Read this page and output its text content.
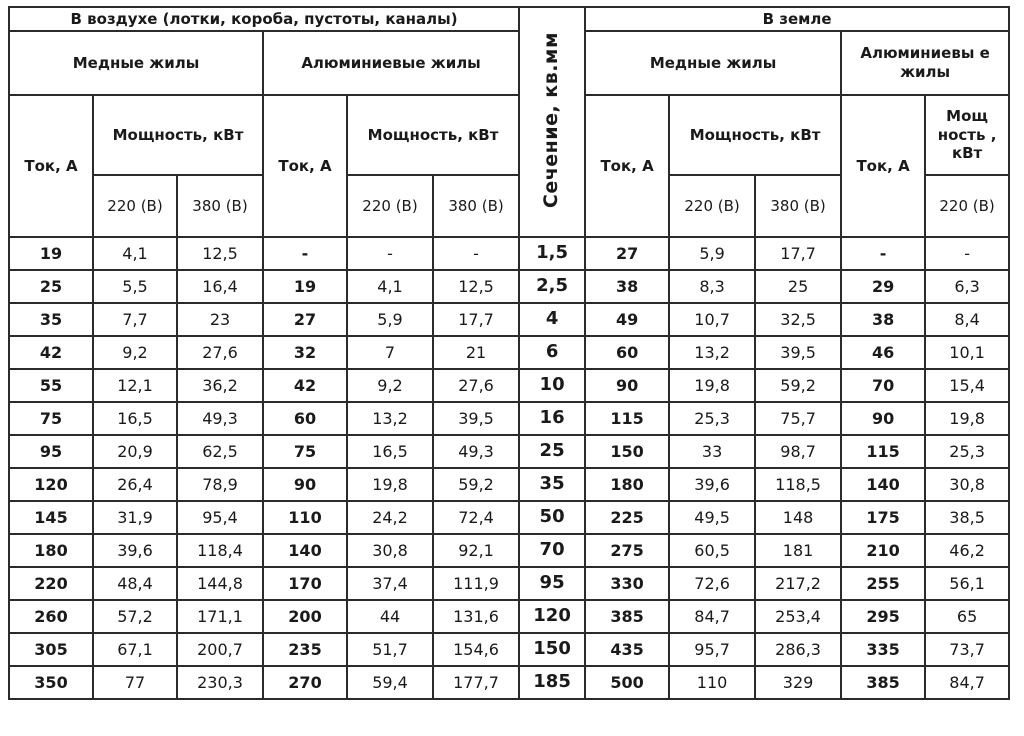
В воздухе (лотки, короба, пустоты, каналы)						Сечение, кв.мм	В земле				
Медные жилы			Алюминиевые жилы				Медные жилы			Алюминиевы е жилы	
Ток, А	Мощность, кВт		Ток, А	Мощность, кВт			Ток, А	Мощность, кВт		Ток, А	Мощ ность , кВт
	220 (В)	380 (В)		220 (В)	380 (В)			220 (В)	380 (В)		220 (В)
19	4,1	12,5	-	-	-	1,5	27	5,9	17,7	-	-
25	5,5	16,4	19	4,1	12,5	2,5	38	8,3	25	29	6,3
35	7,7	23	27	5,9	17,7	4	49	10,7	32,5	38	8,4
42	9,2	27,6	32	7	21	6	60	13,2	39,5	46	10,1
55	12,1	36,2	42	9,2	27,6	10	90	19,8	59,2	70	15,4
75	16,5	49,3	60	13,2	39,5	16	115	25,3	75,7	90	19,8
95	20,9	62,5	75	16,5	49,3	25	150	33	98,7	115	25,3
120	26,4	78,9	90	19,8	59,2	35	180	39,6	118,5	140	30,8
145	31,9	95,4	110	24,2	72,4	50	225	49,5	148	175	38,5
180	39,6	118,4	140	30,8	92,1	70	275	60,5	181	210	46,2
220	48,4	144,8	170	37,4	111,9	95	330	72,6	217,2	255	56,1
260	57,2	171,1	200	44	131,6	120	385	84,7	253,4	295	65
305	67,1	200,7	235	51,7	154,6	150	435	95,7	286,3	335	73,7
350	77	230,3	270	59,4	177,7	185	500	110	329	385	84,7
